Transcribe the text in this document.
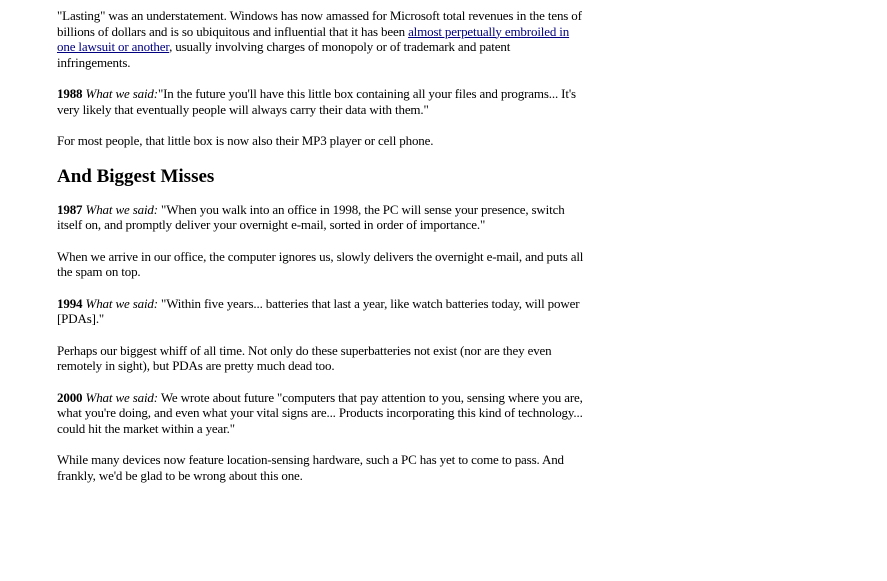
"Lasting" was an understatement. Windows has now amassed for Microsoft total revenues in the tens of billions of dollars and is so ubiquitous and influential that it has been almost perpetually embroiled in one lawsuit or another, usually involving charges of monopoly or of trademark and patent infringements.

1988 What we said:"In the future you'll have this little box containing all your files and programs... It's very likely that eventually people will always carry their data with them."

For most people, that little box is now also their MP3 player or cell phone.

And Biggest Misses

1987 What we said: "When you walk into an office in 1998, the PC will sense your presence, switch itself on, and promptly deliver your overnight e-mail, sorted in order of importance."

When we arrive in our office, the computer ignores us, slowly delivers the overnight e-mail, and puts all the spam on top.

1994 What we said: "Within five years... batteries that last a year, like watch batteries today, will power [PDAs]."

Perhaps our biggest whiff of all time. Not only do these superbatteries not exist (nor are they even remotely in sight), but PDAs are pretty much dead too.

2000 What we said: We wrote about future "computers that pay attention to you, sensing where you are, what you're doing, and even what your vital signs are... Products incorporating this kind of technology... could hit the market within a year."

While many devices now feature location-sensing hardware, such a PC has yet to come to pass. And frankly, we'd be glad to be wrong about this one.
